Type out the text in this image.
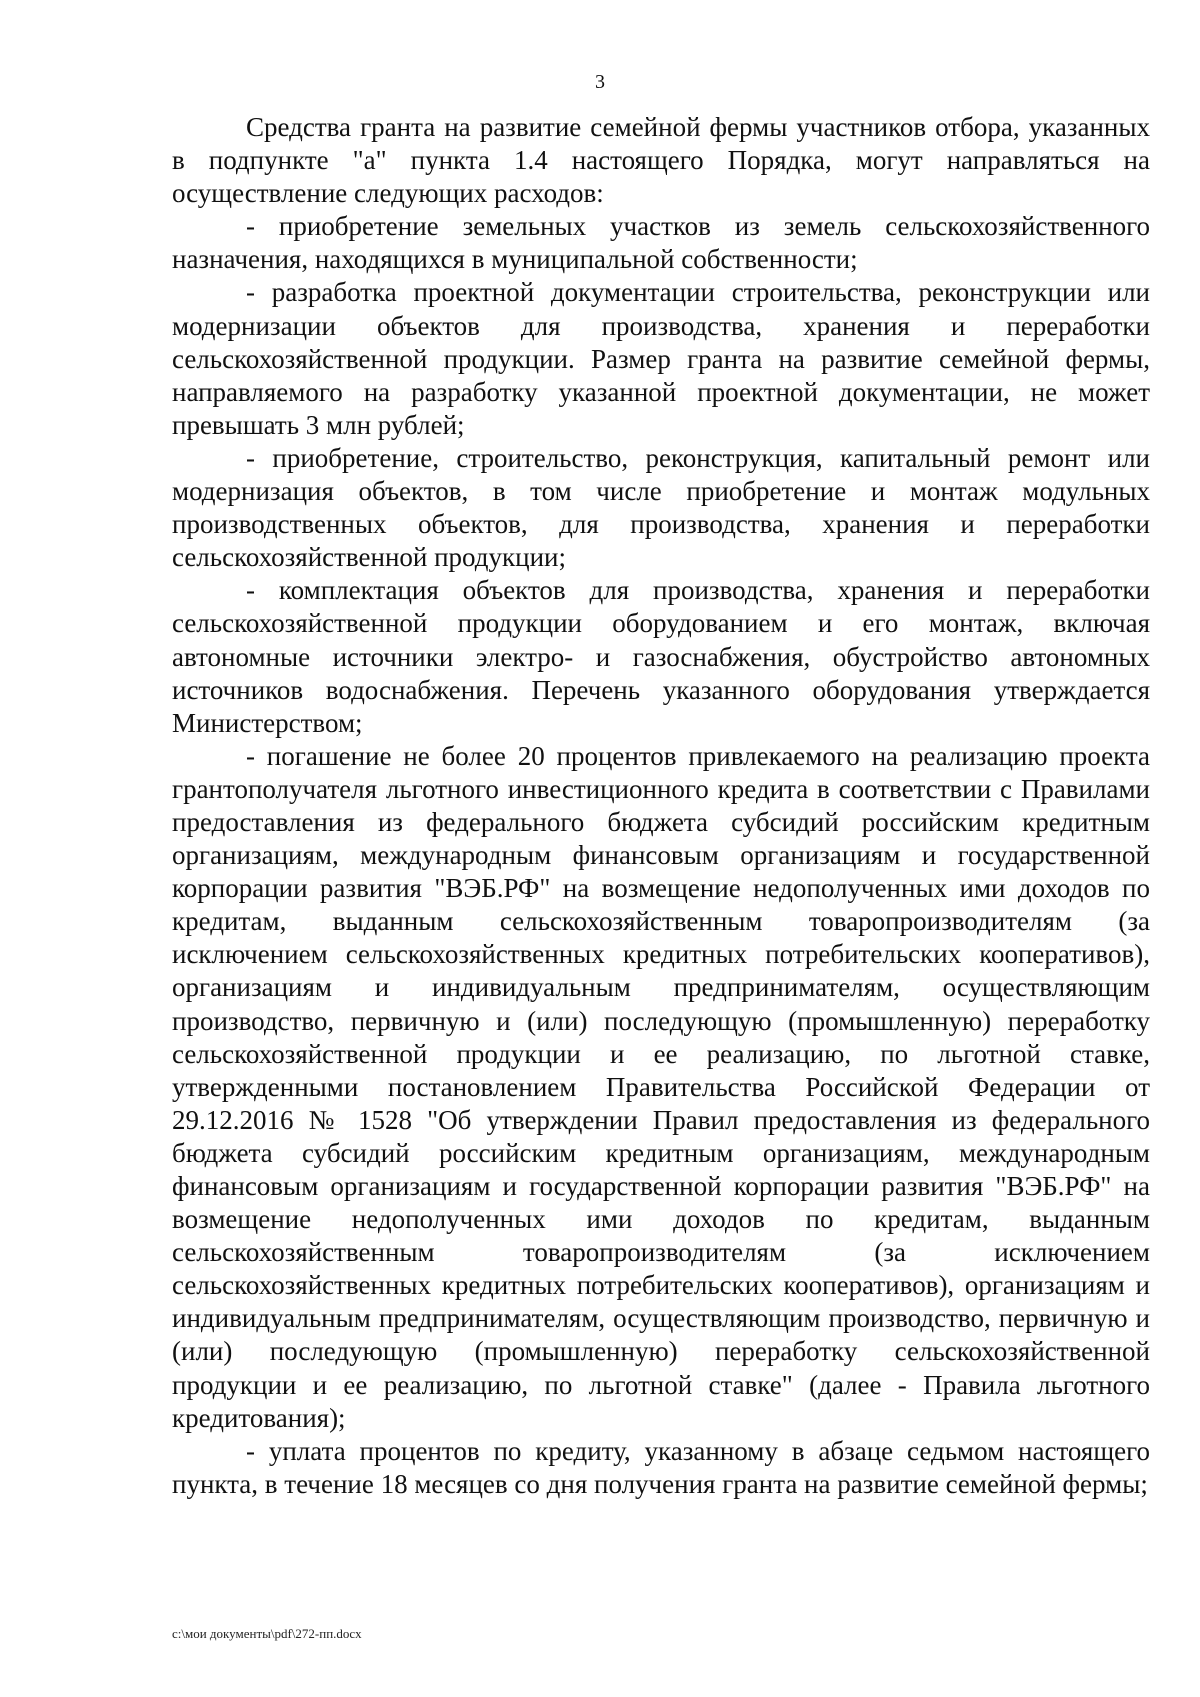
3

Средства гранта на развитие семейной фермы участников отбора, указанных в подпункте "а" пункта 1.4 настоящего Порядка, могут направляться на осуществление следующих расходов:

- приобретение земельных участков из земель сельскохозяйственного назначения, находящихся в муниципальной собственности;

- разработка проектной документации строительства, реконструкции или модернизации объектов для производства, хранения и переработки сельскохозяйственной продукции. Размер гранта на развитие семейной фермы, направляемого на разработку указанной проектной документации, не может превышать 3 млн рублей;

- приобретение, строительство, реконструкция, капитальный ремонт или модернизация объектов, в том числе приобретение и монтаж модульных производственных объектов, для производства, хранения и переработки сельскохозяйственной продукции;

- комплектация объектов для производства, хранения и переработки сельскохозяйственной продукции оборудованием и его монтаж, включая автономные источники электро- и газоснабжения, обустройство автономных источников водоснабжения. Перечень указанного оборудования утверждается Министерством;

- погашение не более 20 процентов привлекаемого на реализацию проекта грантополучателя льготного инвестиционного кредита в соответствии с Правилами предоставления из федерального бюджета субсидий российским кредитным организациям, международным финансовым организациям и государственной корпорации развития "ВЭБ.РФ" на возмещение недополученных ими доходов по кредитам, выданным сельскохозяйственным товаропроизводителям (за исключением сельскохозяйственных кредитных потребительских кооперативов), организациям и индивидуальным предпринимателям, осуществляющим производство, первичную и (или) последующую (промышленную) переработку сельскохозяйственной продукции и ее реализацию, по льготной ставке, утвержденными постановлением Правительства Российской Федерации от 29.12.2016 № 1528 "Об утверждении Правил предоставления из федерального бюджета субсидий российским кредитным организациям, международным финансовым организациям и государственной корпорации развития "ВЭБ.РФ" на возмещение недополученных ими доходов по кредитам, выданным сельскохозяйственным товаропроизводителям (за исключением сельскохозяйственных кредитных потребительских кооперативов), организациям и индивидуальным предпринимателям, осуществляющим производство, первичную и (или) последующую (промышленную) переработку сельскохозяйственной продукции и ее реализацию, по льготной ставке" (далее - Правила льготного кредитования);

- уплата процентов по кредиту, указанному в абзаце седьмом настоящего пункта, в течение 18 месяцев со дня получения гранта на развитие семейной фермы;

c:\мои документы\pdf\272-пп.docx
